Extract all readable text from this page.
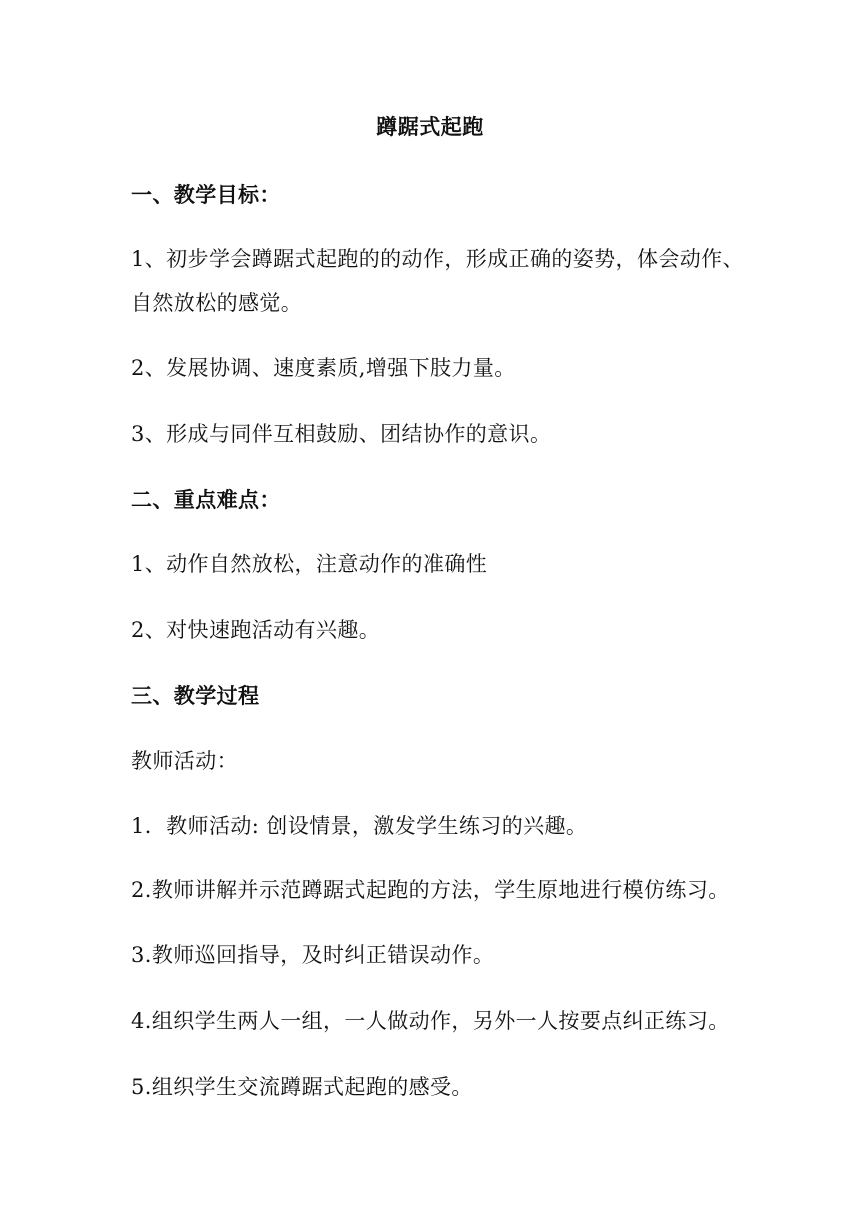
蹲踞式起跑
一、教学目标：
1、初步学会蹲踞式起跑的的动作，形成正确的姿势，体会动作、
自然放松的感觉。
2、发展协调、速度素质,增强下肢力量。
3、形成与同伴互相鼓励、团结协作的意识。
二、重点难点：
1、动作自然放松，注意动作的准确性
2、对快速跑活动有兴趣。
三、教学过程
教师活动：
1．教师活动: 创设情景，激发学生练习的兴趣。
2.教师讲解并示范蹲踞式起跑的方法，学生原地进行模仿练习。
3.教师巡回指导，及时纠正错误动作。
4.组织学生两人一组，一人做动作，另外一人按要点纠正练习。
5.组织学生交流蹲踞式起跑的感受。
